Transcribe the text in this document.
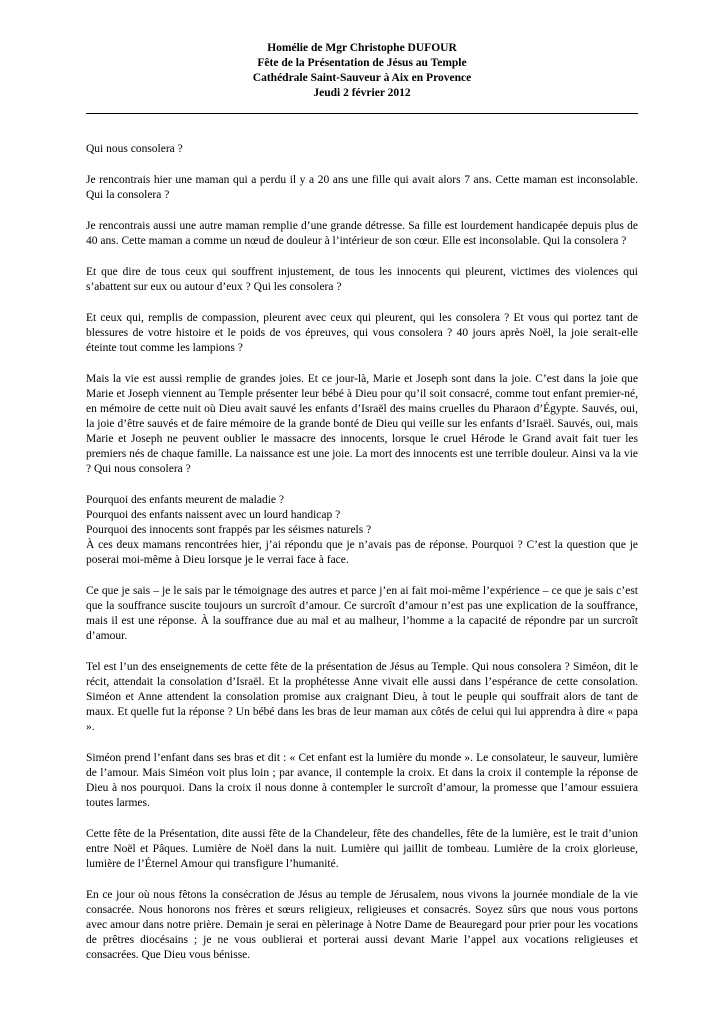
Homélie de Mgr Christophe DUFOUR
Fête de la Présentation de Jésus au Temple
Cathédrale Saint-Sauveur à Aix en Provence
Jeudi 2 février 2012

Qui nous consolera ?

Je rencontrais hier une maman qui a perdu il y a 20 ans une fille qui avait alors 7 ans. Cette maman est inconsolable. Qui la consolera ?

Je rencontrais aussi une autre maman remplie d’une grande détresse. Sa fille est lourdement handicapée depuis plus de 40 ans. Cette maman a comme un nœud de douleur à l’intérieur de son cœur. Elle est inconsolable. Qui la consolera ?

Et que dire de tous ceux qui souffrent injustement, de tous les innocents qui pleurent, victimes des violences qui s’abattent sur eux ou autour d’eux ? Qui les consolera ?

Et ceux qui, remplis de compassion, pleurent avec ceux qui pleurent, qui les consolera ? Et vous qui portez tant de blessures de votre histoire et le poids de vos épreuves, qui vous consolera ? 40 jours après Noël, la joie serait-elle éteinte tout comme les lampions ?

Mais la vie est aussi remplie de grandes joies. Et ce jour-là, Marie et Joseph sont dans la joie. C’est dans la joie que Marie et Joseph viennent au Temple présenter leur bébé à Dieu pour qu’il soit consacré, comme tout enfant premier-né, en mémoire de cette nuit où Dieu avait sauvé les enfants d’Israël des mains cruelles du Pharaon d’Égypte. Sauvés, oui, la joie d’être sauvés et de faire mémoire de la grande bonté de Dieu qui veille sur les enfants d’Israël. Sauvés, oui, mais Marie et Joseph ne peuvent oublier le massacre des innocents, lorsque le cruel Hérode le Grand avait fait tuer les premiers nés de chaque famille. La naissance est une joie. La mort des innocents est une terrible douleur. Ainsi va la vie ? Qui nous consolera ?

Pourquoi des enfants meurent de maladie ?
Pourquoi des enfants naissent avec un lourd handicap ?
Pourquoi des innocents sont frappés par les séismes naturels ?
À ces deux mamans rencontrées hier, j’ai répondu que je n’avais pas de réponse. Pourquoi ? C’est la question que je poserai moi-même à Dieu lorsque je le verrai face à face.

Ce que je sais – je le sais par le témoignage des autres et parce j’en ai fait moi-même l’expérience – ce que je sais c’est que la souffrance suscite toujours un surcroît d’amour. Ce surcroît d’amour n’est pas une explication de la souffrance, mais il est une réponse. À la souffrance due au mal et au malheur, l’homme a la capacité de répondre par un surcroît d’amour.

Tel est l’un des enseignements de cette fête de la présentation de Jésus au Temple. Qui nous consolera ? Siméon, dit le récit, attendait la consolation d’Israël. Et la prophétesse Anne vivait elle aussi dans l’espérance de cette consolation. Siméon et Anne attendent la consolation promise aux craignant Dieu, à tout le peuple qui souffrait alors de tant de maux. Et quelle fut la réponse ? Un bébé dans les bras de leur maman aux côtés de celui qui lui apprendra à dire « papa ».

Siméon prend l’enfant dans ses bras et dit : « Cet enfant est la lumière du monde ». Le consolateur, le sauveur, lumière de l’amour. Mais Siméon voit plus loin ; par avance, il contemple la croix. Et dans la croix il contemple la réponse de Dieu à nos pourquoi. Dans la croix il nous donne à contempler le surcroît d’amour, la promesse que l’amour essuiera toutes larmes.

Cette fête de la Présentation, dite aussi fête de la Chandeleur, fête des chandelles, fête de la lumière, est le trait d’union entre Noël et Pâques. Lumière de Noël dans la nuit. Lumière qui jaillit de tombeau. Lumière de la croix glorieuse, lumière de l’Éternel Amour qui transfigure l’humanité.

En ce jour où nous fêtons la consécration de Jésus au temple de Jérusalem, nous vivons la journée mondiale de la vie consacrée. Nous honorons nos frères et sœurs religieux, religieuses et consacrés. Soyez sûrs que nous vous portons avec amour dans notre prière. Demain je serai en pèlerinage à Notre Dame de Beauregard pour prier pour les vocations de prêtres diocésains ; je ne vous oublierai et porterai aussi devant Marie l’appel aux vocations religieuses et consacrées. Que Dieu vous bénisse.
